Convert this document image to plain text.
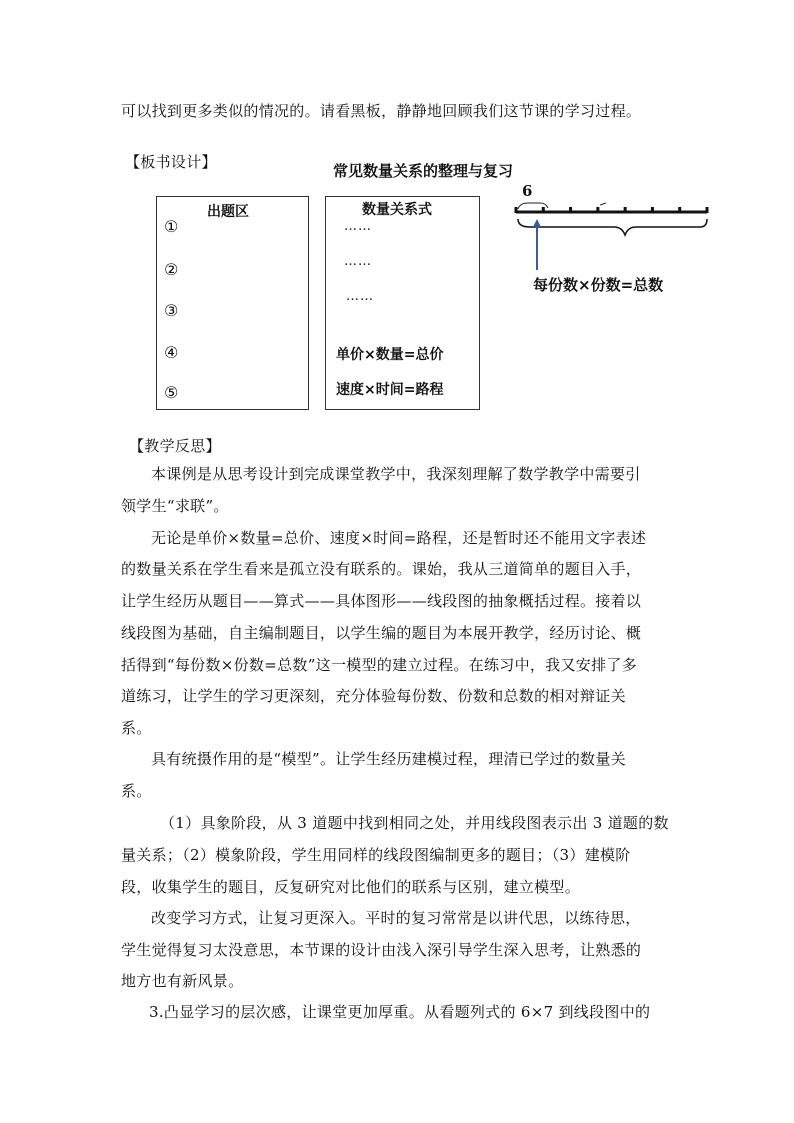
可以找到更多类似的情况的。请看黑板，静静地回顾我们这节课的学习过程。
【板书设计】	常见数量关系的整理与复习
出题区
①
②
③
④
⑤
数量关系式
……
……
……
单价×数量=总价
速度×时间=路程
6
每份数×份数=总数
【教学反思】
本课例是从思考设计到完成课堂教学中，我深刻理解了数学教学中需要引
领学生“求联”。
无论是单价×数量=总价、速度×时间=路程，还是暂时还不能用文字表述
的数量关系在学生看来是孤立没有联系的。课始，我从三道简单的题目入手，
让学生经历从题目——算式——具体图形——线段图的抽象概括过程。接着以
线段图为基础，自主编制题目，以学生编的题目为本展开教学，经历讨论、概
括得到“每份数×份数=总数”这一模型的建立过程。在练习中，我又安排了多
道练习，让学生的学习更深刻，充分体验每份数、份数和总数的相对辩证关
系。
具有统摄作用的是“模型”。让学生经历建模过程，理清已学过的数量关
系。
（1）具象阶段，从 3 道题中找到相同之处，并用线段图表示出 3 道题的数
量关系；（2）模象阶段，学生用同样的线段图编制更多的题目；（3）建模阶
段，收集学生的题目，反复研究对比他们的联系与区别，建立模型。
改变学习方式，让复习更深入。平时的复习常常是以讲代思，以练待思，
学生觉得复习太没意思，本节课的设计由浅入深引导学生深入思考，让熟悉的
地方也有新风景。
3.凸显学习的层次感，让课堂更加厚重。从看题列式的 6×7 到线段图中的
